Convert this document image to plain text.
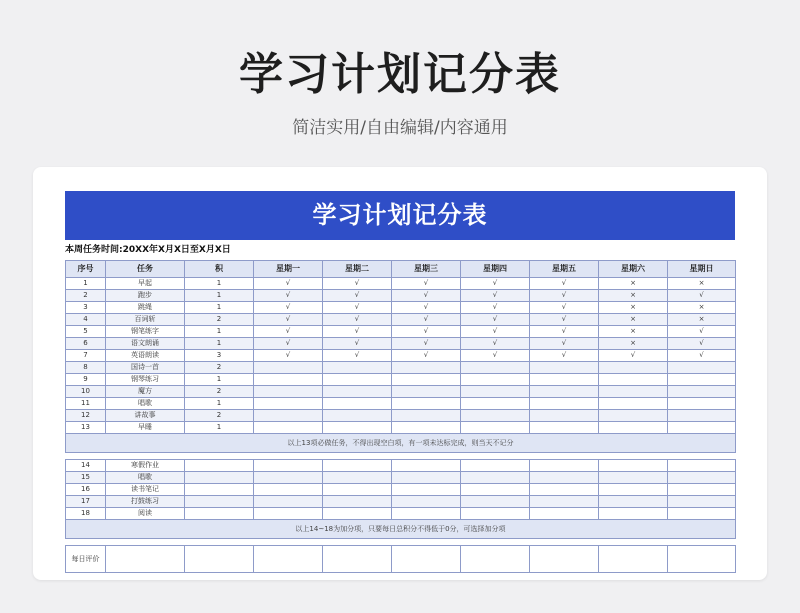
学习计划记分表
简洁实用/自由编辑/内容通用
学习计划记分表
本周任务时间:20XX年X月X日至X月X日
序号	任务	积	星期一	星期二	星期三	星期四	星期五	星期六	星期日
1	早起	1	√	√	√	√	√	×	×
2	跑步	1	√	√	√	√	√	×	√
3	跳绳	1	√	√	√	√	√	×	×
4	百词斩	2	√	√	√	√	√	×	×
5	钢笔练字	1	√	√	√	√	√	×	√
6	语文朗诵	1	√	√	√	√	√	×	√
7	英语朗读	3	√	√	√	√	√	√	√
8	国诗一首	2							
9	钢琴练习	1							
10	魔方	2							
11	唱歌	1							
12	讲故事	2							
13	早睡	1							
以上13项必做任务，不得出现空白项，有一项未达标完成，则当天不记分									
14	寒假作业								
15	唱歌								
16	读书笔记								
17	打鼓练习								
18	阅读								
以上14~18为加分项，只要每日总积分不得低于0分，可选择加分项									
每日评价									
